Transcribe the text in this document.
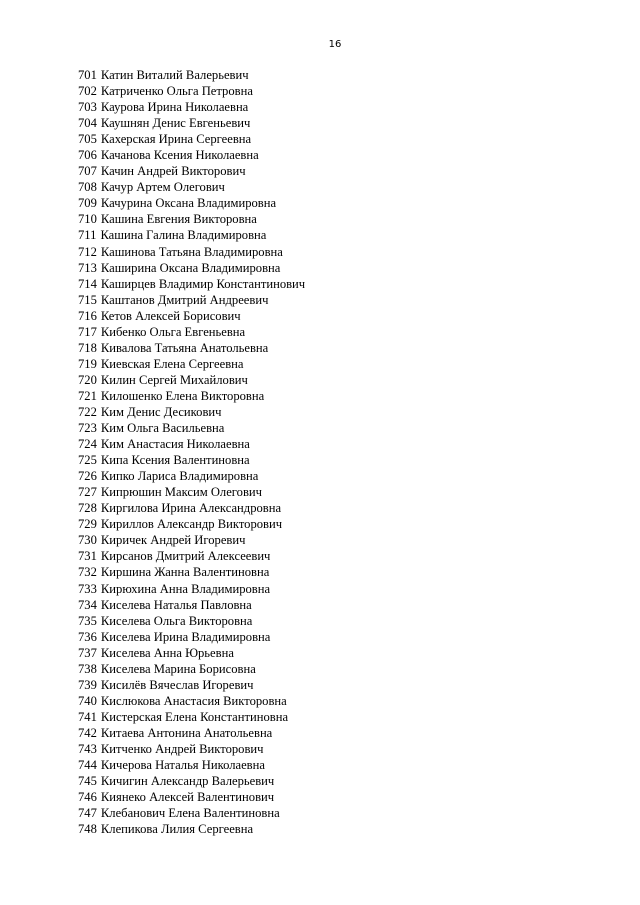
16
701 Катин Виталий Валерьевич
702 Катриченко Ольга Петровна
703 Каурова Ирина Николаевна
704 Каушнян Денис Евгеньевич
705 Кахерская Ирина Сергеевна
706 Качанова Ксения Николаевна
707 Качин Андрей Викторович
708 Качур Артем Олегович
709 Качурина Оксана Владимировна
710 Кашина Евгения Викторовна
711 Кашина Галина Владимировна
712 Кашинова Татьяна Владимировна
713 Каширина Оксана Владимировна
714 Каширцев Владимир Константинович
715 Каштанов Дмитрий Андреевич
716 Кетов Алексей Борисович
717 Кибенко Ольга Евгеньевна
718 Кивалова Татьяна Анатольевна
719 Киевская Елена Сергеевна
720 Килин Сергей Михайлович
721 Килошенко Елена Викторовна
722 Ким Денис Десикович
723 Ким Ольга Васильевна
724 Ким Анастасия Николаевна
725 Кипа Ксения Валентиновна
726 Кипко Лариса Владимировна
727 Кипрюшин Максим Олегович
728 Киргилова Ирина Александровна
729 Кириллов Александр Викторович
730 Киричек Андрей Игоревич
731 Кирсанов Дмитрий Алексеевич
732 Киршина Жанна Валентиновна
733 Кирюхина Анна Владимировна
734 Киселева Наталья Павловна
735 Киселева Ольга Викторовна
736 Киселева Ирина Владимировна
737 Киселева Анна Юрьевна
738 Киселева Марина Борисовна
739 Кисилёв Вячеслав Игоревич
740 Кислюкова Анастасия Викторовна
741 Кистерская Елена Константиновна
742 Китаева Антонина Анатольевна
743 Китченко Андрей Викторович
744 Кичерова Наталья Николаевна
745 Кичигин Александр Валерьевич
746 Киянеко Алексей Валентинович
747 Клебанович Елена Валентиновна
748 Клепикова Лилия Сергеевна
